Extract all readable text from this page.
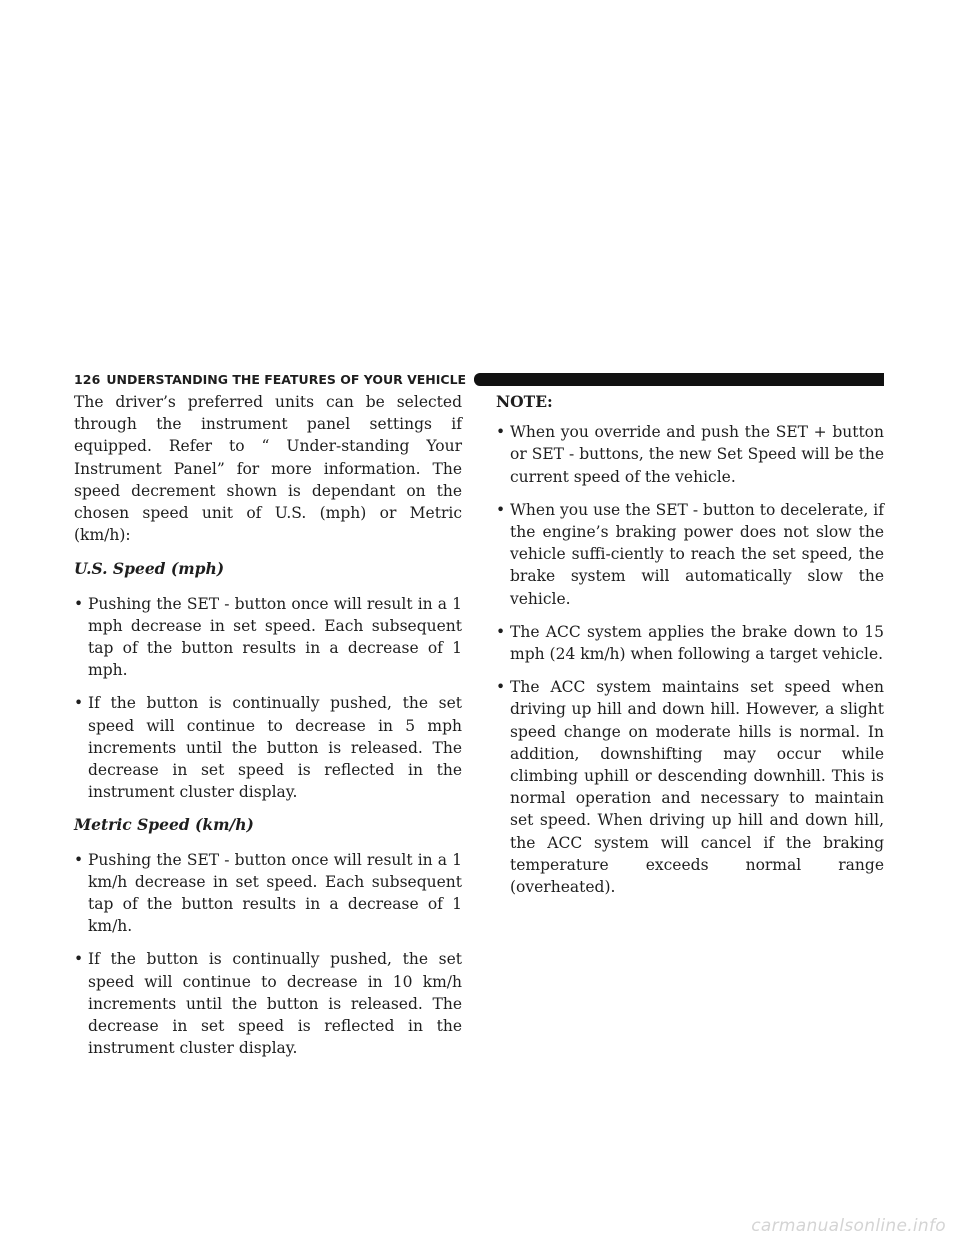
126 UNDERSTANDING THE FEATURES OF YOUR VEHICLE

The driver’s preferred units can be selected through the instrument panel settings if equipped. Refer to “ Under-standing Your Instrument Panel” for more information. The speed decrement shown is dependant on the chosen speed unit of U.S. (mph) or Metric (km/h):

U.S. Speed (mph)
• Pushing the SET - button once will result in a 1 mph decrease in set speed. Each subsequent tap of the button results in a decrease of 1 mph.
• If the button is continually pushed, the set speed will continue to decrease in 5 mph increments until the button is released. The decrease in set speed is reflected in the instrument cluster display.
Metric Speed (km/h)
• Pushing the SET - button once will result in a 1 km/h decrease in set speed. Each subsequent tap of the button results in a decrease of 1 km/h.
• If the button is continually pushed, the set speed will continue to decrease in 10 km/h increments until the button is released. The decrease in set speed is reflected in the instrument cluster display.
NOTE:
• When you override and push the SET + button or SET - buttons, the new Set Speed will be the current speed of the vehicle.
• When you use the SET - button to decelerate, if the engine’s braking power does not slow the vehicle suffi-ciently to reach the set speed, the brake system will automatically slow the vehicle.
• The ACC system applies the brake down to 15 mph (24 km/h) when following a target vehicle.
• The ACC system maintains set speed when driving up hill and down hill. However, a slight speed change on moderate hills is normal. In addition, downshifting may occur while climbing uphill or descending downhill. This is normal operation and necessary to maintain set speed. When driving up hill and down hill, the ACC system will cancel if the braking temperature exceeds normal range (overheated).
carmanualsonline.info
